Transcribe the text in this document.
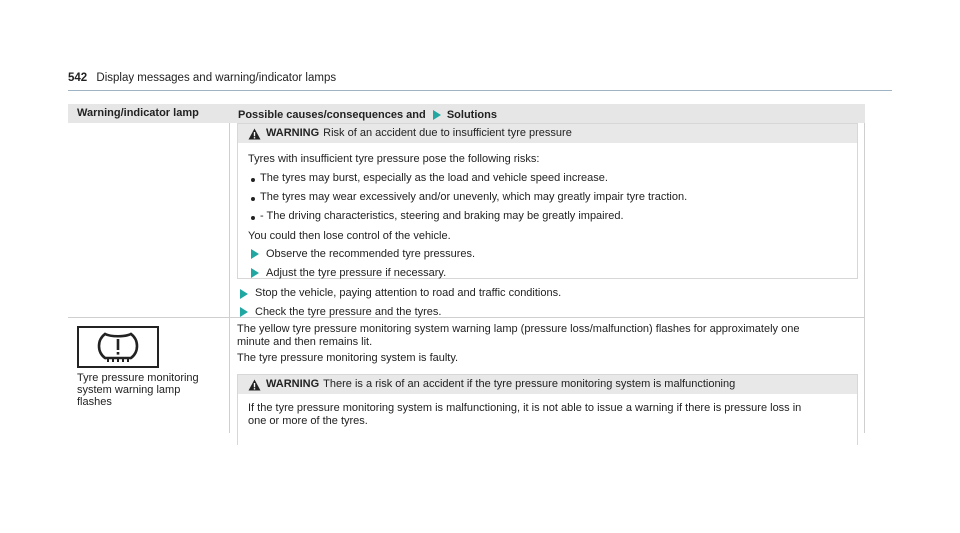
542 Display messages and warning/indicator lamps
Warning/indicator lamp	Possible causes/consequences and Solutions
WARNING Risk of an accident due to insufficient tyre pressure
Tyres with insufficient tyre pressure pose the following risks:
The tyres may burst, especially as the load and vehicle speed increase.
The tyres may wear excessively and/or unevenly, which may greatly impair tyre traction.
- The driving characteristics, steering and braking may be greatly impaired.
You could then lose control of the vehicle.
Observe the recommended tyre pressures.
Adjust the tyre pressure if necessary.
Stop the vehicle, paying attention to road and traffic conditions.
Check the tyre pressure and the tyres.
Tyre pressure monitoring
system warning lamp
flashes
The yellow tyre pressure monitoring system warning lamp (pressure loss/malfunction) flashes for approximately one
minute and then remains lit.
The tyre pressure monitoring system is faulty.
WARNING There is a risk of an accident if the tyre pressure monitoring system is malfunctioning
If the tyre pressure monitoring system is malfunctioning, it is not able to issue a warning if there is pressure loss in
one or more of the tyres.
